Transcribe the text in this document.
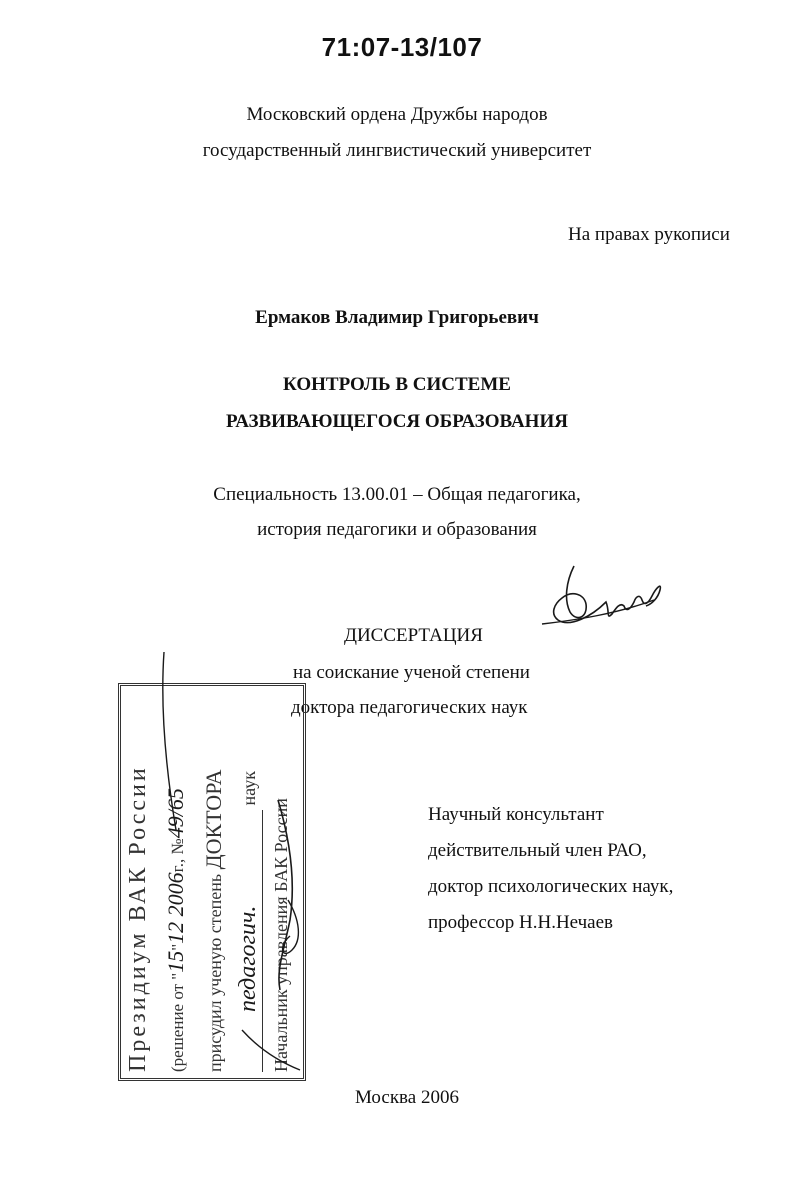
71:07-13/107
Московский ордена Дружбы народов
государственный лингвистический университет
На правах рукописи
Ермаков Владимир Григорьевич
КОНТРОЛЬ В СИСТЕМЕ
РАЗВИВАЮЩЕГОСЯ ОБРАЗОВАНИЯ
Специальность 13.00.01 – Общая педагогика,
история педагогики и образования
ДИССЕРТАЦИЯ
на соискание ученой степени
доктора педагогических наук
Научный консультант
действительный член РАО,
доктор психологических наук,
профессор Н.Н.Нечаев
Москва 2006
Президиум ВАК России (решение от "15"12 2006г., №49/65
присудил ученую степень ДОКТОРА
педагогич. наук
Начальник управления БАК России
